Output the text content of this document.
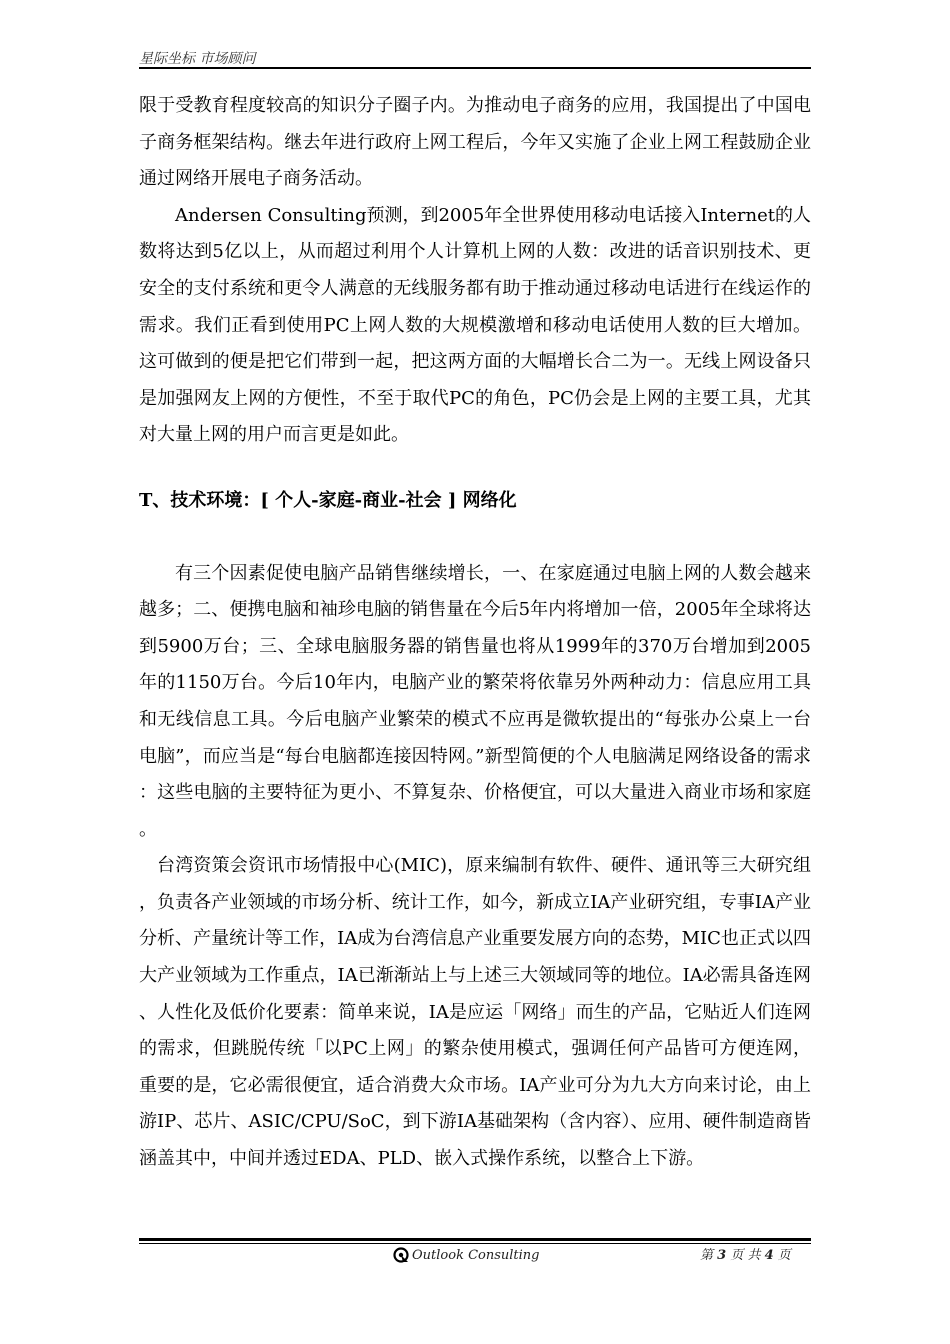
星际坐标 市场顾问

限于受教育程度较高的知识分子圈子内。为推动电子商务的应用，我国提出了中国电子商务框架结构。继去年进行政府上网工程后，今年又实施了企业上网工程鼓励企业通过网络开展电子商务活动。

Andersen Consulting预测，到2005年全世界使用移动电话接入Internet的人数将达到5亿以上，从而超过利用个人计算机上网的人数：改进的话音识别技术、更安全的支付系统和更令人满意的无线服务都有助于推动通过移动电话进行在线运作的需求。我们正看到使用PC上网人数的大规模激增和移动电话使用人数的巨大增加。这可做到的便是把它们带到一起，把这两方面的大幅增长合二为一。无线上网设备只是加强网友上网的方便性，不至于取代PC的角色，PC仍会是上网的主要工具，尤其对大量上网的用户而言更是如此。

T、技术环境：[ 个人-家庭-商业-社会 ] 网络化

有三个因素促使电脑产品销售继续增长，一、在家庭通过电脑上网的人数会越来越多；二、便携电脑和袖珍电脑的销售量在今后5年内将增加一倍，2005年全球将达到5900万台；三、全球电脑服务器的销售量也将从1999年的370万台增加到2005年的1150万台。今后10年内，电脑产业的繁荣将依靠另外两种动力：信息应用工具和无线信息工具。今后电脑产业繁荣的模式不应再是微软提出的“每张办公桌上一台电脑”，而应当是“每台电脑都连接因特网。”新型简便的个人电脑满足网络设备的需求：这些电脑的主要特征为更小、不算复杂、价格便宜，可以大量进入商业市场和家庭。

台湾资策会资讯市场情报中心(MIC)，原来编制有软件、硬件、通讯等三大研究组，负责各产业领域的市场分析、统计工作，如今，新成立IA产业研究组，专事IA产业分析、产量统计等工作，IA成为台湾信息产业重要发展方向的态势，MIC也正式以四大产业领域为工作重点，IA已渐渐站上与上述三大领域同等的地位。IA必需具备连网、人性化及低价化要素：简单来说，IA是应运「网络」而生的产品，它贴近人们连网的需求，但跳脱传统「以PC上网」的繁杂使用模式，强调任何产品皆可方便连网，重要的是，它必需很便宜，适合消费大众市场。IA产业可分为九大方向来讨论，由上游IP、芯片、ASIC/CPU/SoC，到下游IA基础架构（含内容）、应用、硬件制造商皆涵盖其中，中间并透过EDA、PLD、嵌入式操作系统，以整合上下游。

Outlook Consulting	第 3 页 共 4 页
